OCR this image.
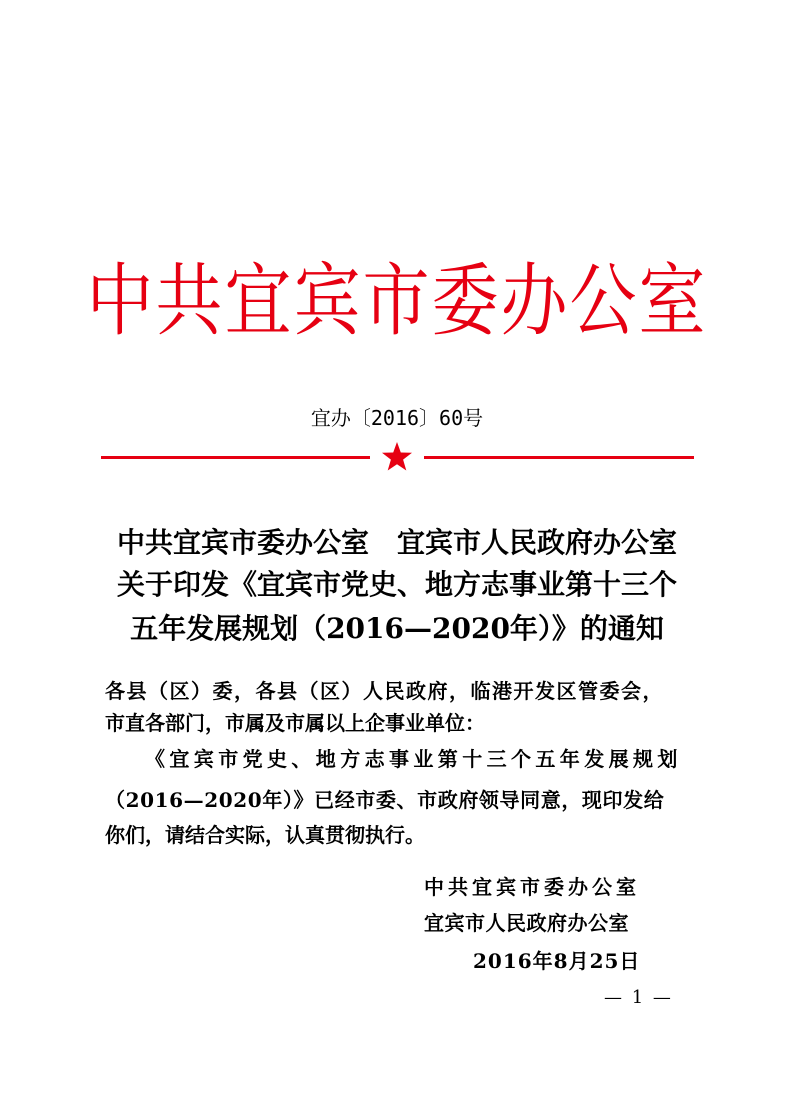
中共宜宾市委办公室
宜办〔2016〕60号
中共宜宾市委办公室　宜宾市人民政府办公室
关于印发《宜宾市党史、地方志事业第十三个
五年发展规划（2016—2020年）》的通知
各县（区）委，各县（区）人民政府，临港开发区管委会，
市直各部门，市属及市属以上企事业单位：
《宜宾市党史、地方志事业第十三个五年发展规划
（2016—2020年）》已经市委、市政府领导同意，现印发给
你们，请结合实际，认真贯彻执行。
中共宜宾市委办公室
宜宾市人民政府办公室
2016年8月25日
— 1 —
